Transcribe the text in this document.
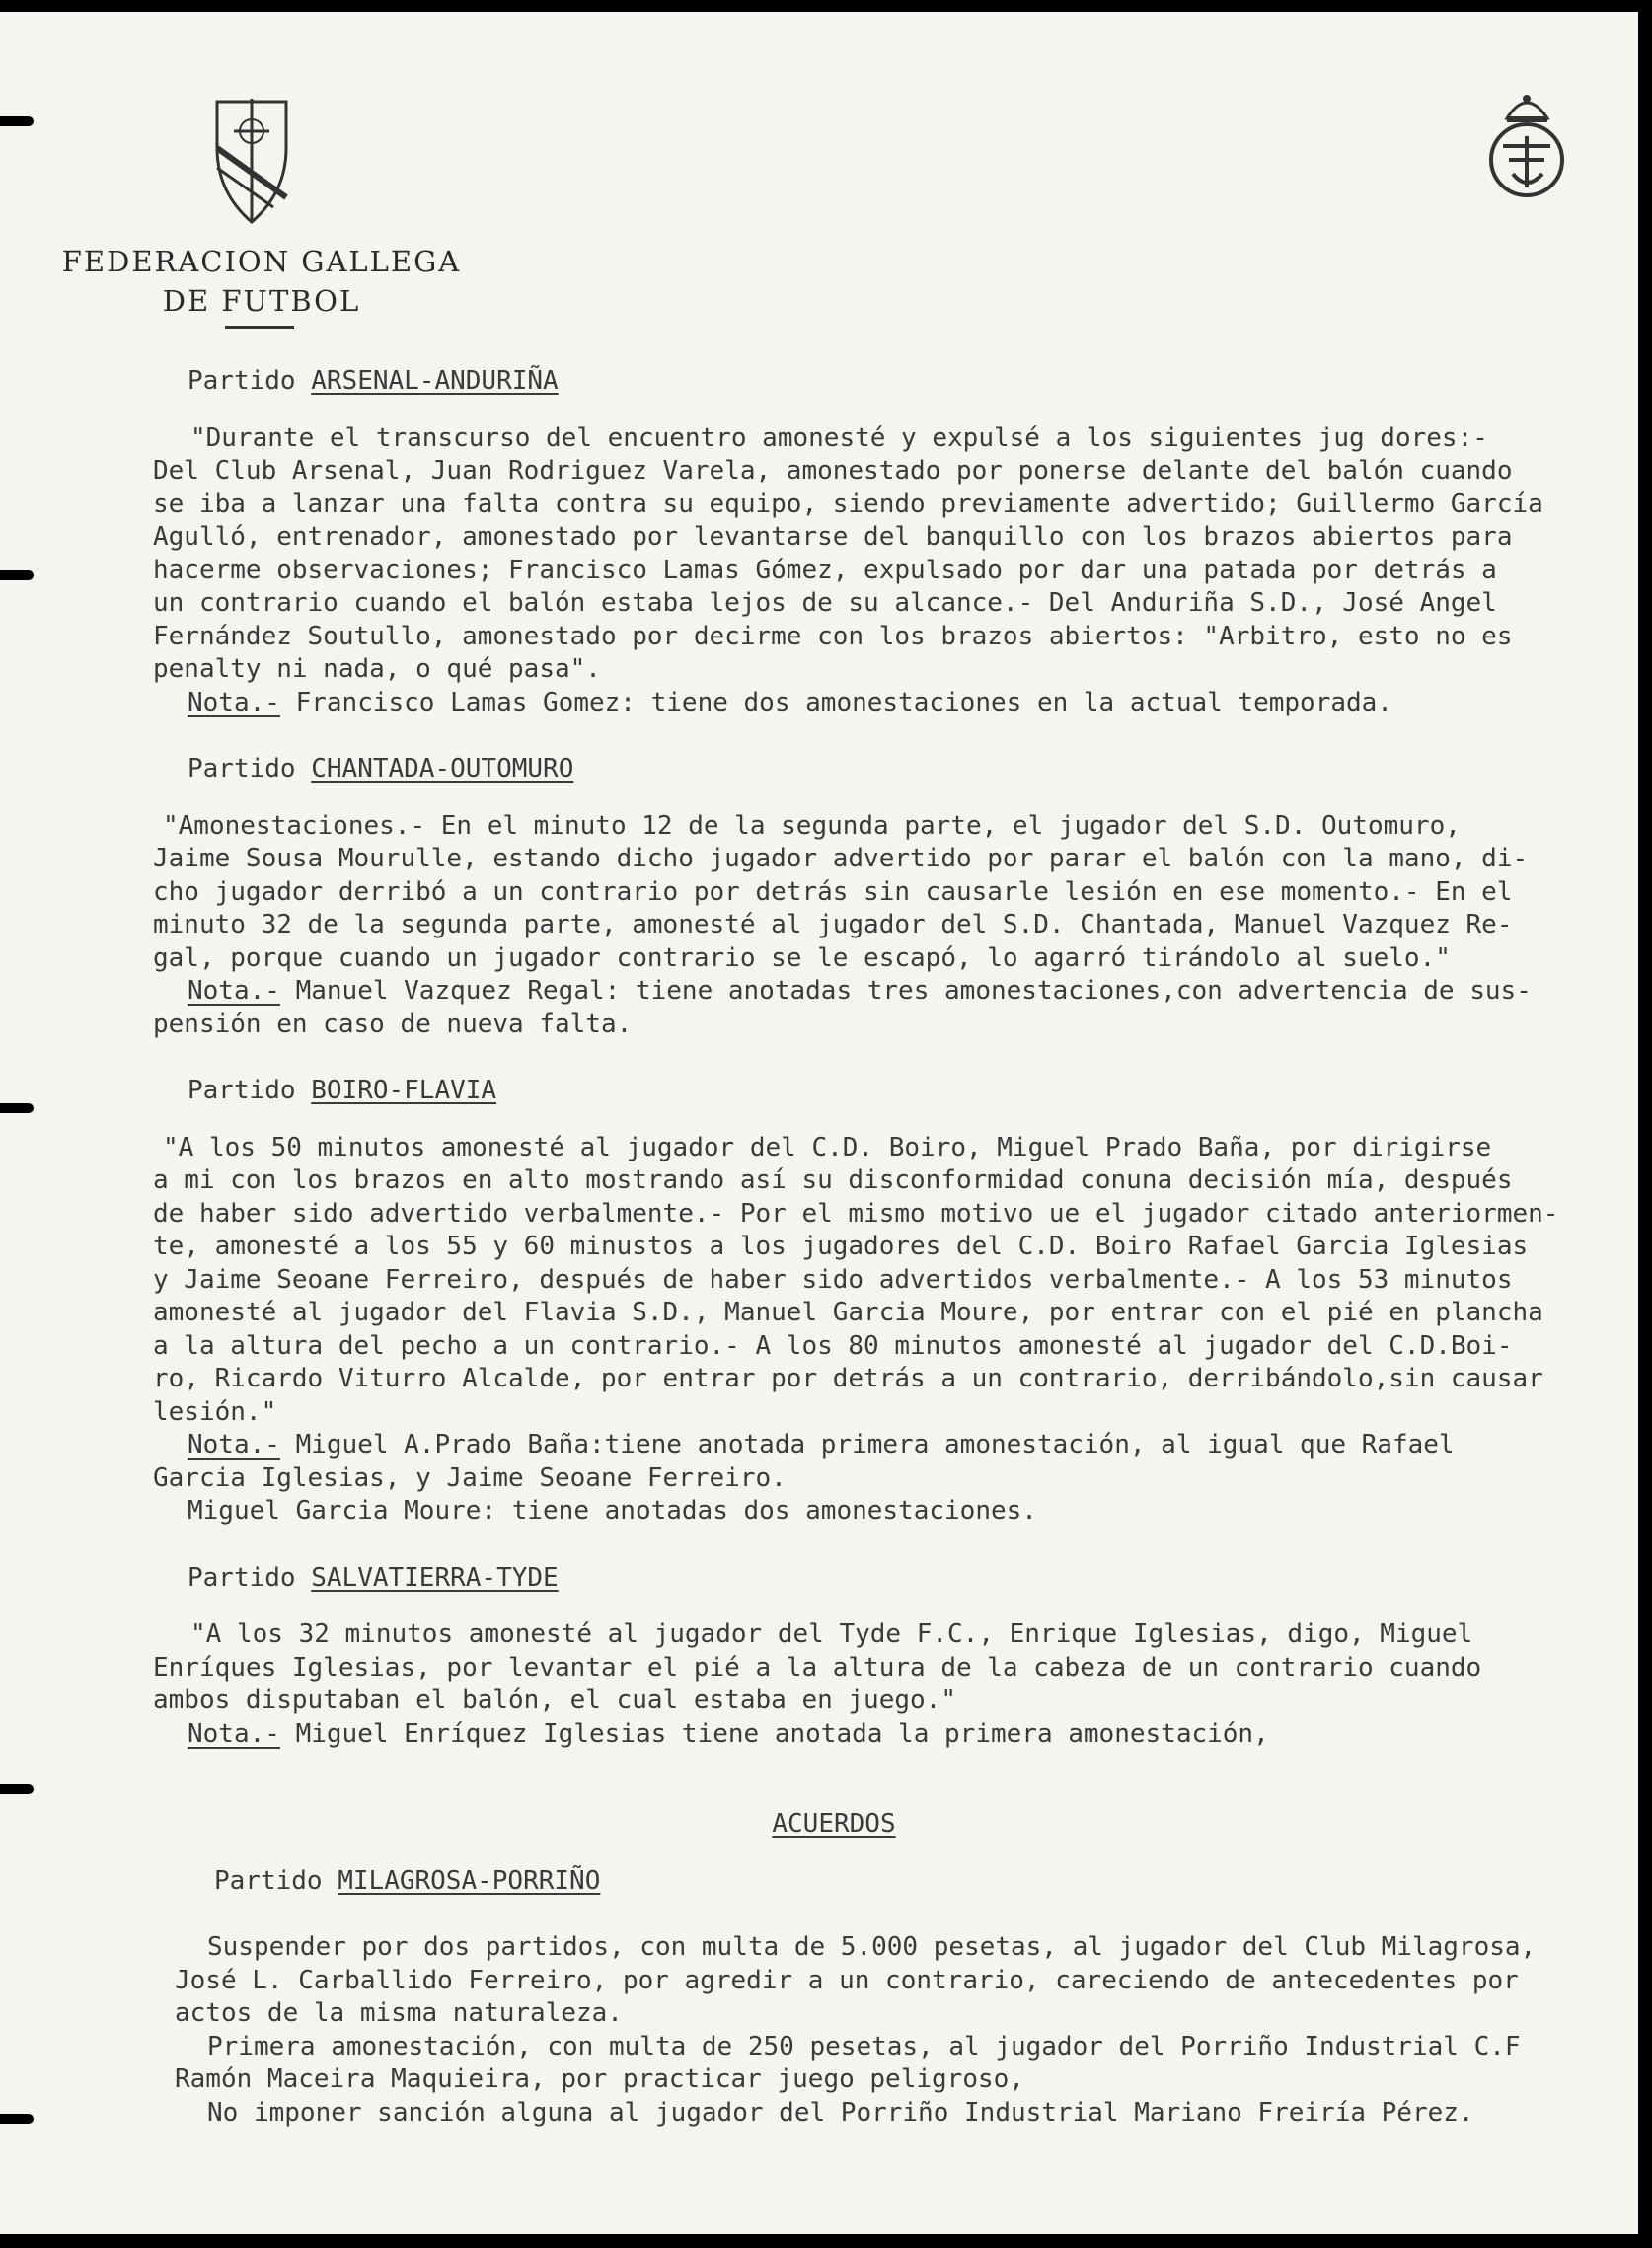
FEDERACION GALLEGA
DE FUTBOL

Partido ARSENAL-ANDURIÑA

"Durante el transcurso del encuentro amonesté y expulsé a los siguientes jug dores:-

Del Club Arsenal, Juan Rodriguez Varela, amonestado por ponerse delante del balón cuando

se iba a lanzar una falta contra su equipo, siendo previamente advertido; Guillermo García

Agulló, entrenador, amonestado por levantarse del banquillo con los brazos abiertos para

hacerme observaciones; Francisco Lamas Gómez, expulsado por dar una patada por detrás a

un contrario cuando el balón estaba lejos de su alcance.- Del Anduriña S.D., José Angel

Fernández Soutullo, amonestado por decirme con los brazos abiertos: "Arbitro, esto no es

penalty ni nada, o qué pasa".

Nota.- Francisco Lamas Gomez: tiene dos amonestaciones en la actual temporada.

Partido CHANTADA-OUTOMURO

"Amonestaciones.- En el minuto 12 de la segunda parte, el jugador del S.D. Outomuro,

Jaime Sousa Mourulle, estando dicho jugador advertido por parar el balón con la mano, di-

cho jugador derribó a un contrario por detrás sin causarle lesión en ese momento.- En el

minuto 32 de la segunda parte, amonesté al jugador del S.D. Chantada, Manuel Vazquez Re-

gal, porque cuando un jugador contrario se le escapó, lo agarró tirándolo al suelo."

Nota.- Manuel Vazquez Regal: tiene anotadas tres amonestaciones,con advertencia de sus-

pensión en caso de nueva falta.

Partido BOIRO-FLAVIA

"A los 50 minutos amonesté al jugador del C.D. Boiro, Miguel Prado Baña, por dirigirse

a mi con los brazos en alto mostrando así su disconformidad conuna decisión mía, después

de haber sido advertido verbalmente.- Por el mismo motivo ue el jugador citado anteriormen-

te, amonesté a los 55 y 60 minustos a los jugadores del C.D. Boiro Rafael Garcia Iglesias

y Jaime Seoane Ferreiro, después de haber sido advertidos verbalmente.- A los 53 minutos

amonesté al jugador del Flavia S.D., Manuel Garcia Moure, por entrar con el pié en plancha

a la altura del pecho a un contrario.- A los 80 minutos amonesté al jugador del C.D.Boi-

ro, Ricardo Viturro Alcalde, por entrar por detrás a un contrario, derribándolo,sin causar

lesión."

Nota.- Miguel A.Prado Baña:tiene anotada primera amonestación, al igual que Rafael

Garcia Iglesias, y Jaime Seoane Ferreiro.

Miguel Garcia Moure: tiene anotadas dos amonestaciones.

Partido SALVATIERRA-TYDE

"A los 32 minutos amonesté al jugador del Tyde F.C., Enrique Iglesias, digo, Miguel

Enríques Iglesias, por levantar el pié a la altura de la cabeza de un contrario cuando

ambos disputaban el balón, el cual estaba en juego."

Nota.- Miguel Enríquez Iglesias tiene anotada la primera amonestación,

ACUERDOS

Partido MILAGROSA-PORRIÑO

Suspender por dos partidos, con multa de 5.000 pesetas, al jugador del Club Milagrosa,

José L. Carballido Ferreiro, por agredir a un contrario, careciendo de antecedentes por

actos de la misma naturaleza.

Primera amonestación, con multa de 250 pesetas, al jugador del Porriño Industrial C.F

Ramón Maceira Maquieira, por practicar juego peligroso,

No imponer sanción alguna al jugador del Porriño Industrial Mariano Freiría Pérez.
